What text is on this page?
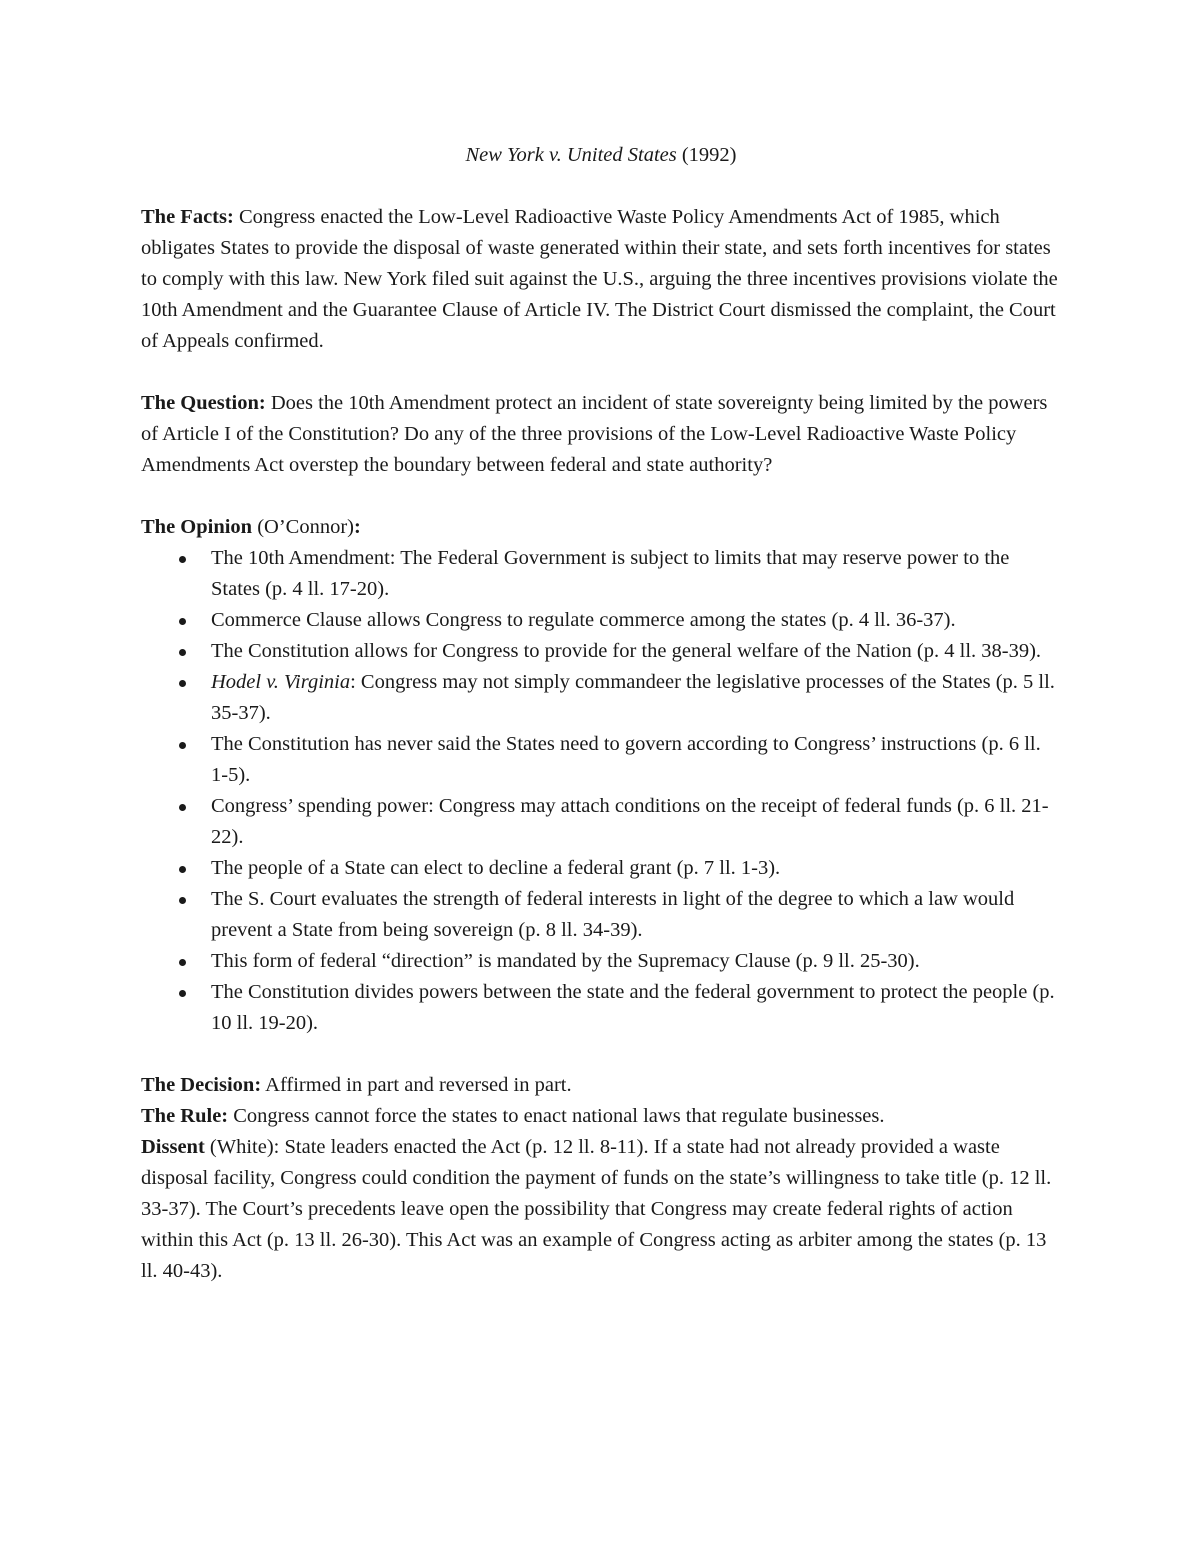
New York v. United States (1992)

The Facts: Congress enacted the Low-Level Radioactive Waste Policy Amendments Act of 1985, which obligates States to provide the disposal of waste generated within their state, and sets forth incentives for states to comply with this law. New York filed suit against the U.S., arguing the three incentives provisions violate the 10th Amendment and the Guarantee Clause of Article IV. The District Court dismissed the complaint, the Court of Appeals confirmed.

The Question: Does the 10th Amendment protect an incident of state sovereignty being limited by the powers of Article I of the Constitution? Do any of the three provisions of the Low-Level Radioactive Waste Policy Amendments Act overstep the boundary between federal and state authority?

The Opinion (O’Connor):

The 10th Amendment: The Federal Government is subject to limits that may reserve power to the States (p. 4 ll. 17-20).
Commerce Clause allows Congress to regulate commerce among the states (p. 4 ll. 36-37).
The Constitution allows for Congress to provide for the general welfare of the Nation (p. 4 ll. 38-39).
Hodel v. Virginia: Congress may not simply commandeer the legislative processes of the States (p. 5 ll. 35-37).
The Constitution has never said the States need to govern according to Congress’ instructions (p. 6 ll. 1-5).
Congress’ spending power: Congress may attach conditions on the receipt of federal funds (p. 6 ll. 21-22).
The people of a State can elect to decline a federal grant (p. 7 ll. 1-3).
The S. Court evaluates the strength of federal interests in light of the degree to which a law would prevent a State from being sovereign (p. 8 ll. 34-39).
This form of federal “direction” is mandated by the Supremacy Clause (p. 9 ll. 25-30).
The Constitution divides powers between the state and the federal government to protect the people (p. 10 ll. 19-20).

The Decision: Affirmed in part and reversed in part.

The Rule: Congress cannot force the states to enact national laws that regulate businesses.

Dissent (White): State leaders enacted the Act (p. 12 ll. 8-11). If a state had not already provided a waste disposal facility, Congress could condition the payment of funds on the state’s willingness to take title (p. 12 ll. 33-37). The Court’s precedents leave open the possibility that Congress may create federal rights of action within this Act (p. 13 ll. 26-30). This Act was an example of Congress acting as arbiter among the states (p. 13 ll. 40-43).
